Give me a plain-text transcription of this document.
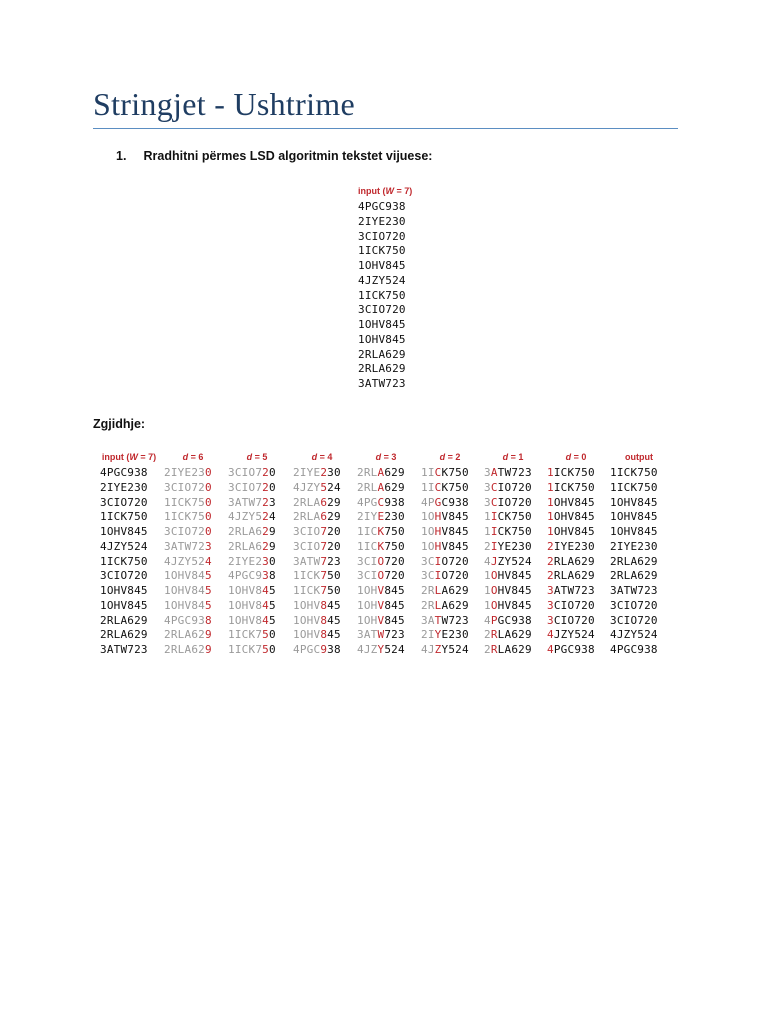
Stringjet - Ushtrime
1. Rradhitni përmes LSD algoritmin tekstet vijuese:
input (W = 7)
4PGC938
2IYE230
3CIO720
1ICK750
1OHV845
4JZY524
1ICK750
3CIO720
1OHV845
1OHV845
2RLA629
2RLA629
3ATW723
Zgjidhje:
input (W = 7)
4PGC938
2IYE230
3CIO720
1ICK750
1OHV845
4JZY524
1ICK750
3CIO720
1OHV845
1OHV845
2RLA629
2RLA629
3ATW723
d = 6
2IYE230
3CIO720
1ICK750
1ICK750
3CIO720
3ATW723
4JZY524
1OHV845
1OHV845
1OHV845
4PGC938
2RLA629
2RLA629
d = 5
3CIO720
3CIO720
3ATW723
4JZY524
2RLA629
2RLA629
2IYE230
4PGC938
1OHV845
1OHV845
1OHV845
1ICK750
1ICK750
d = 4
2IYE230
4JZY524
2RLA629
2RLA629
3CIO720
3CIO720
3ATW723
1ICK750
1ICK750
1OHV845
1OHV845
1OHV845
4PGC938
d = 3
2RLA629
2RLA629
4PGC938
2IYE230
1ICK750
1ICK750
3CIO720
3CIO720
1OHV845
1OHV845
1OHV845
3ATW723
4JZY524
d = 2
1ICK750
1ICK750
4PGC938
1OHV845
1OHV845
1OHV845
3CIO720
3CIO720
2RLA629
2RLA629
3ATW723
2IYE230
4JZY524
d = 1
3ATW723
3CIO720
3CIO720
1ICK750
1ICK750
2IYE230
4JZY524
1OHV845
1OHV845
1OHV845
4PGC938
2RLA629
2RLA629
d = 0
1ICK750
1ICK750
1OHV845
1OHV845
1OHV845
2IYE230
2RLA629
2RLA629
3ATW723
3CIO720
3CIO720
4JZY524
4PGC938
output
1ICK750
1ICK750
1OHV845
1OHV845
1OHV845
2IYE230
2RLA629
2RLA629
3ATW723
3CIO720
3CIO720
4JZY524
4PGC938
